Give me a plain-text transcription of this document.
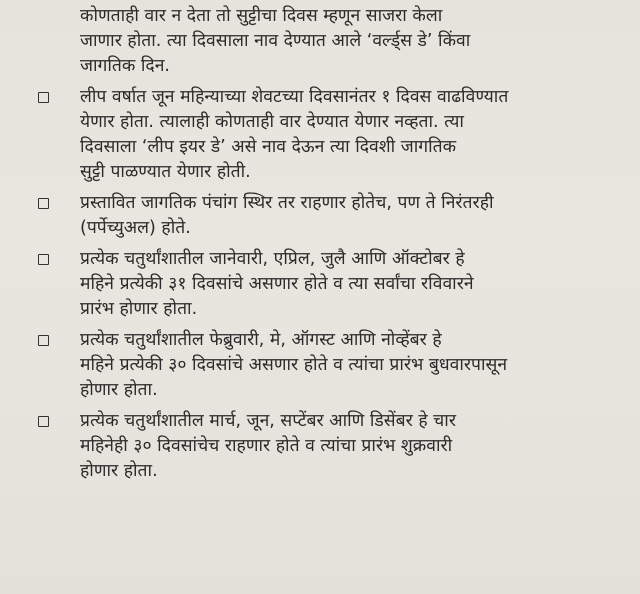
कोणताही वार न देता तो सुट्टीचा दिवस म्हणून साजरा केला
जाणार होता. त्या दिवसाला नाव देण्यात आले ‘वर्ल्ड्स डे’ किंवा
जागतिक दिन.

लीप वर्षात जून महिन्याच्या शेवटच्या दिवसानंतर १ दिवस वाढविण्यात
येणार होता. त्यालाही कोणताही वार देण्यात येणार नव्हता. त्या
दिवसाला ‘लीप इयर डे’ असे नाव देऊन त्या दिवशी जागतिक
सुट्टी पाळण्यात येणार होती.

प्रस्तावित जागतिक पंचांग स्थिर तर राहणार होतेच, पण ते निरंतरही
(पर्पेच्युअल) होते.

प्रत्येक चतुर्थांशातील जानेवारी, एप्रिल, जुलै आणि ऑक्टोबर हे
महिने प्रत्येकी ३१ दिवसांचे असणार होते व त्या सर्वांचा रविवारने
प्रारंभ होणार होता.

प्रत्येक चतुर्थांशातील फेब्रुवारी, मे, ऑगस्ट आणि नोव्हेंबर हे
महिने प्रत्येकी ३० दिवसांचे असणार होते व त्यांचा प्रारंभ बुधवारपासून
होणार होता.

प्रत्येक चतुर्थांशातील मार्च, जून, सप्टेंबर आणि डिसेंबर हे चार
महिनेही ३० दिवसांचेच राहणार होते व त्यांचा प्रारंभ शुक्रवारी
होणार होता.
